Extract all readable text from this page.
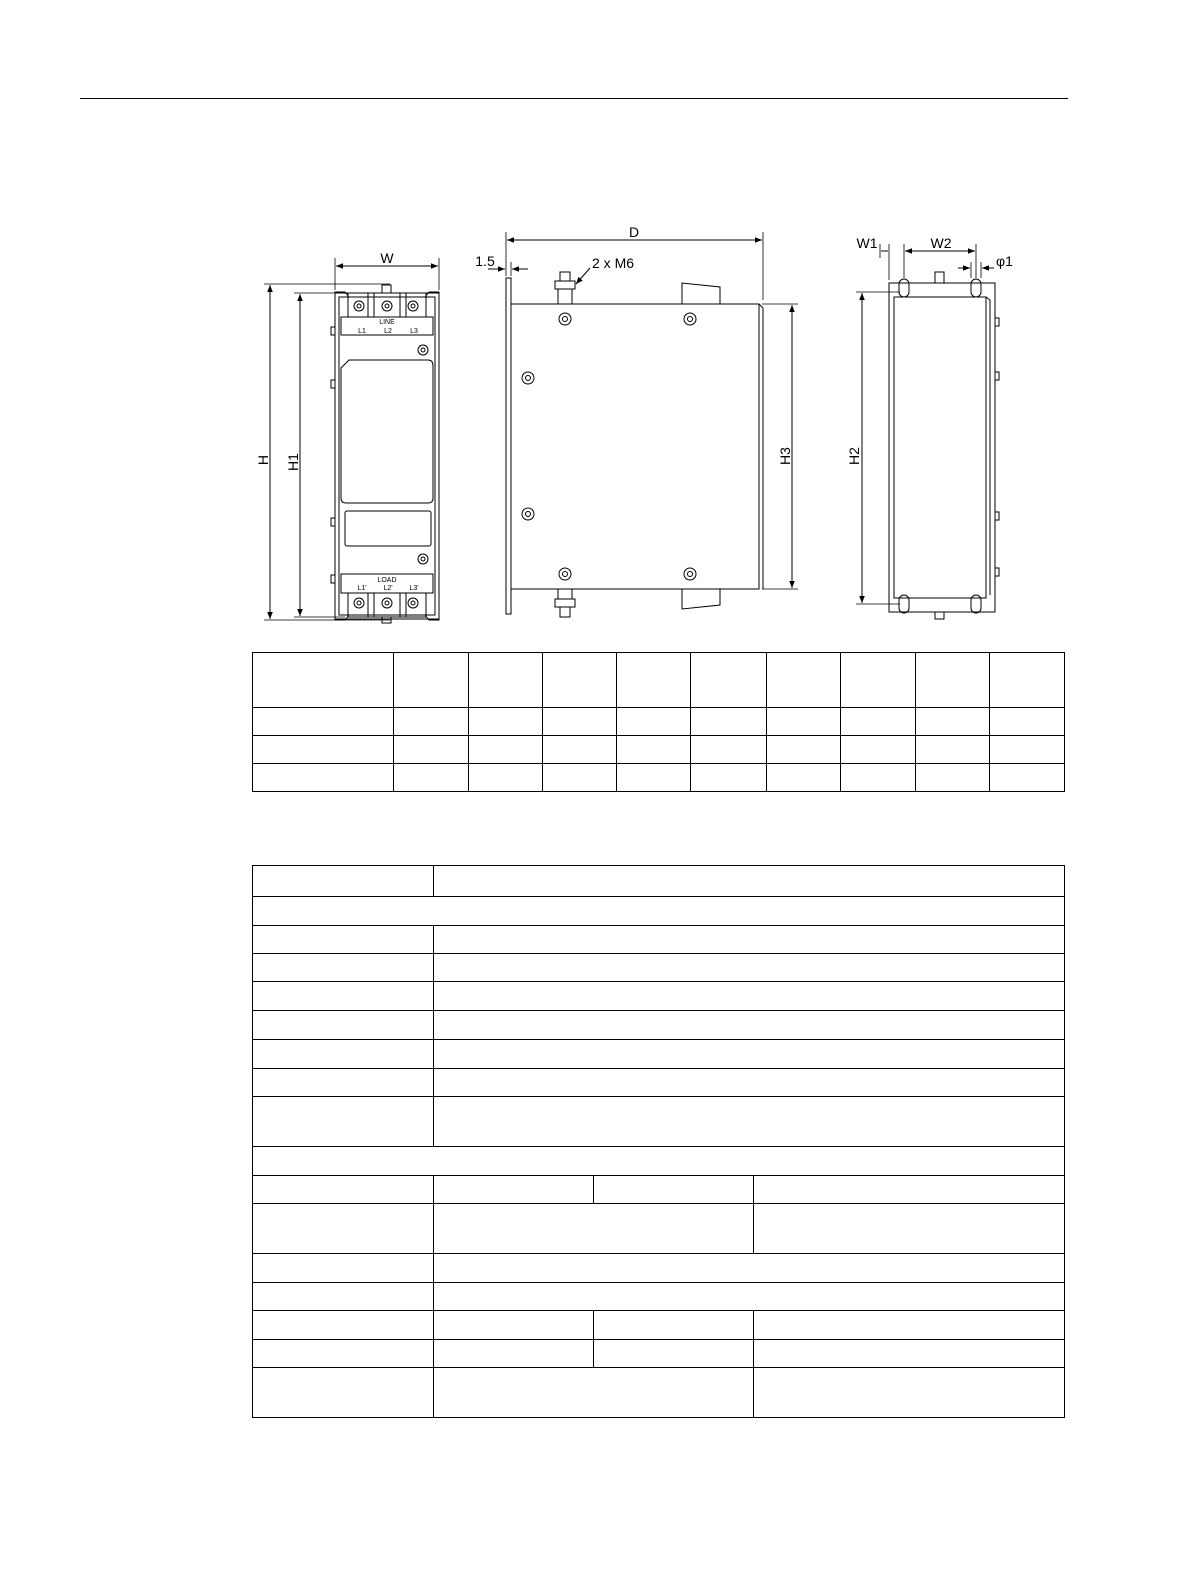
W
H H1
LINE
L1	L2	L3
LOAD
L1' L2' L3'
D
1.5	2 x M6
H3
W1	W2
φ1
H2
